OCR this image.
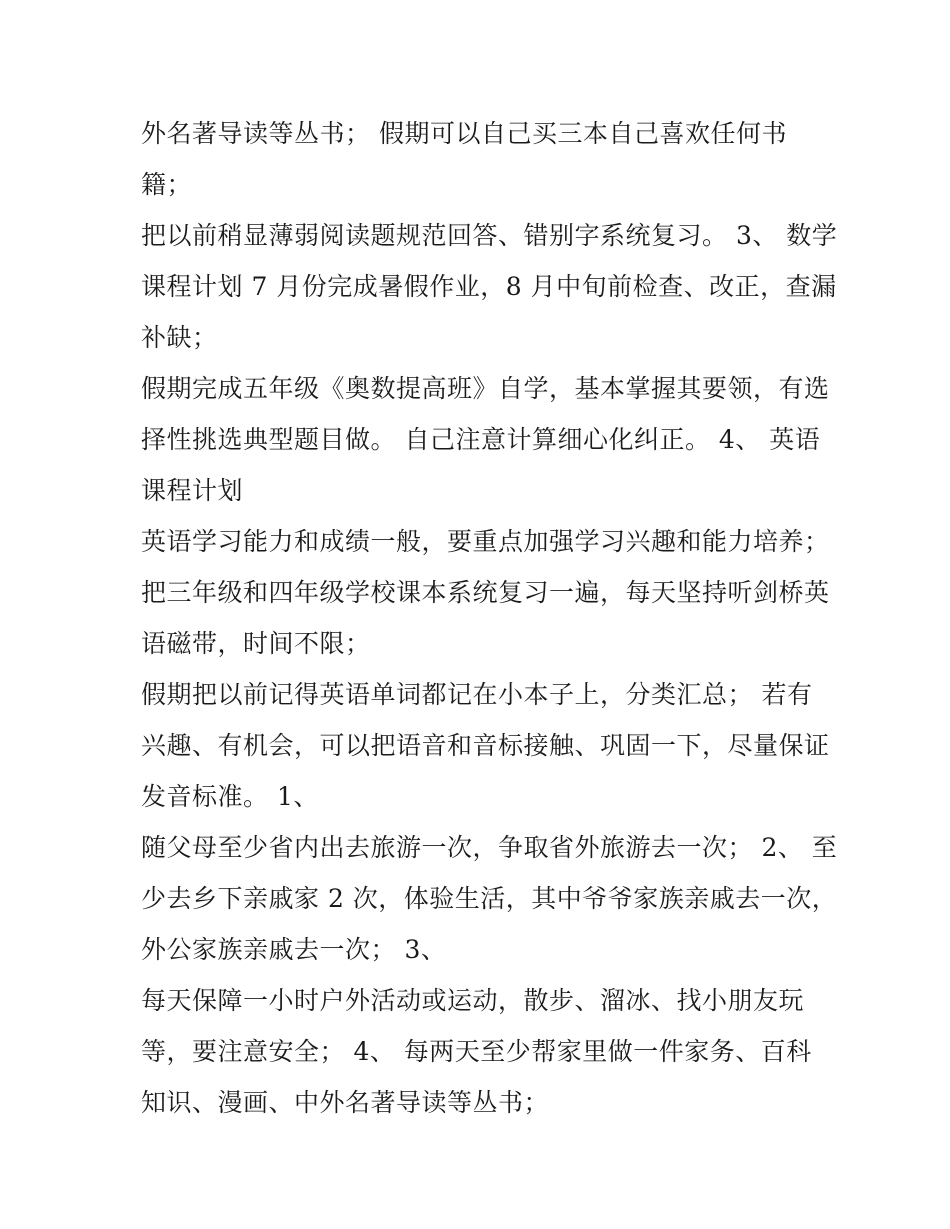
外名著导读等丛书； 假期可以自己买三本自己喜欢任何书
籍；
把以前稍显薄弱阅读题规范回答、错别字系统复习。 3、 数学
课程计划 7 月份完成暑假作业，8 月中旬前检查、改正，查漏
补缺；
假期完成五年级《奥数提高班》自学，基本掌握其要领，有选
择性挑选典型题目做。 自己注意计算细心化纠正。 4、 英语
课程计划
英语学习能力和成绩一般，要重点加强学习兴趣和能力培养；
把三年级和四年级学校课本系统复习一遍，每天坚持听剑桥英
语磁带，时间不限；
假期把以前记得英语单词都记在小本子上，分类汇总； 若有
兴趣、有机会，可以把语音和音标接触、巩固一下，尽量保证
发音标准。 1、
随父母至少省内出去旅游一次，争取省外旅游去一次； 2、 至
少去乡下亲戚家 2 次，体验生活，其中爷爷家族亲戚去一次，
外公家族亲戚去一次； 3、
每天保障一小时户外活动或运动，散步、溜冰、找小朋友玩
等，要注意安全； 4、 每两天至少帮家里做一件家务、百科
知识、漫画、中外名著导读等丛书；
